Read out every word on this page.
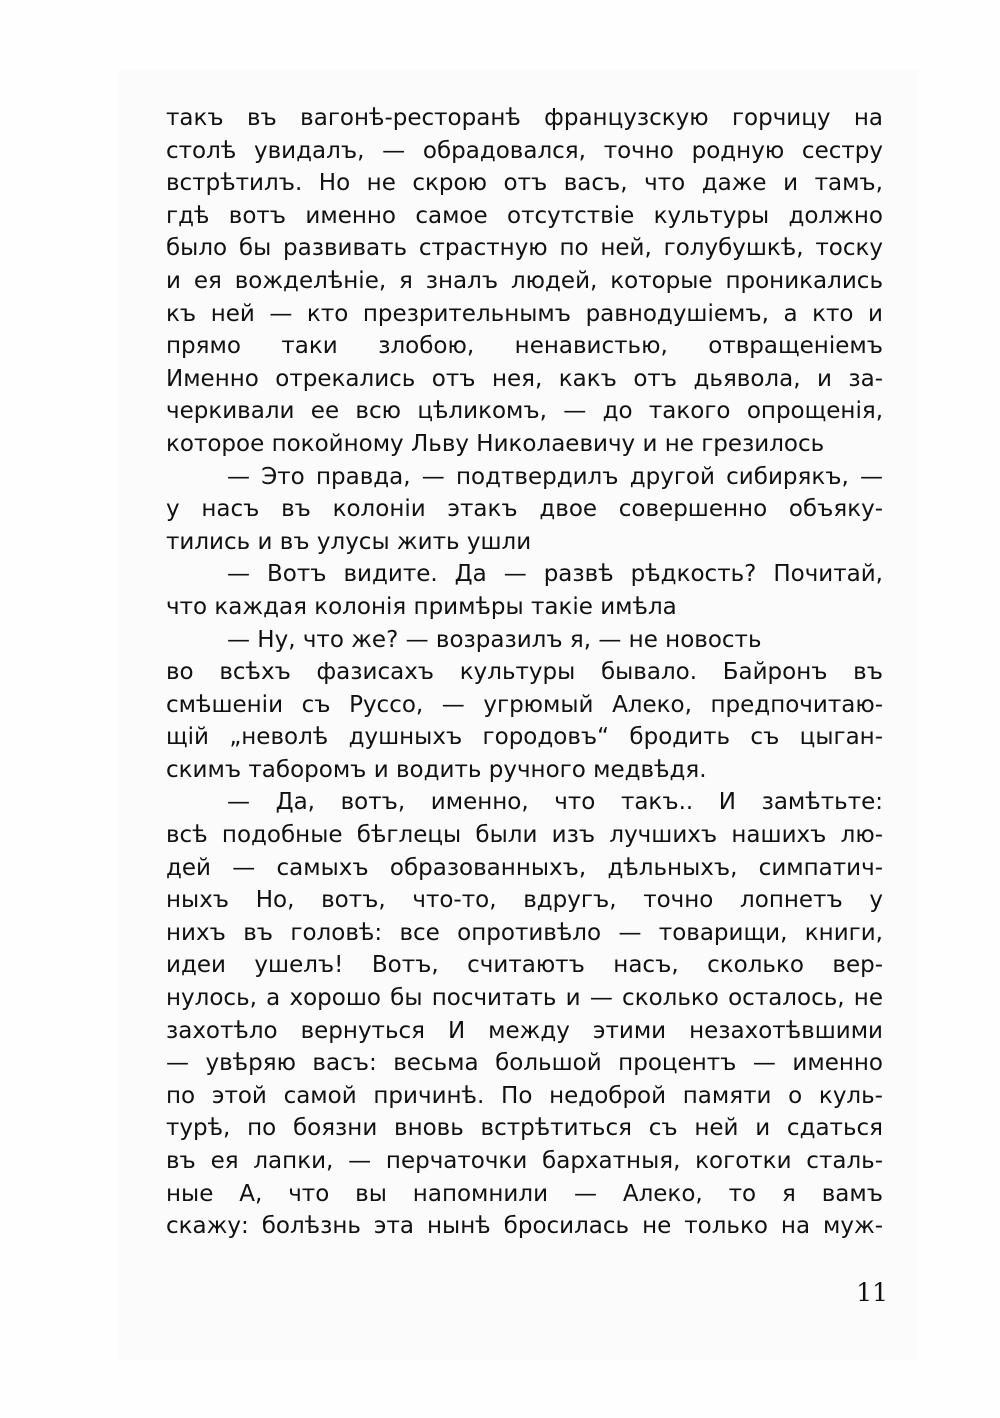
такъ въ вагонѣ-ресторанѣ французскую горчицу на
столѣ увидалъ, — обрадовался, точно родную сестру
встрѣтилъ. Но не скрою отъ васъ, что даже и тамъ,
гдѣ вотъ именно самое отсутствіе культуры должно
было бы развивать страстную по ней, голубушкѣ, тоску
и ея вожделѣніе, я зналъ людей, которые проникались
къ ней — кто презрительнымъ равнодушіемъ, а кто и
прямо таки злобою, ненавистью, отвращеніемъ
Именно отрекались отъ нея, какъ отъ дьявола, и за-
черкивали ее всю цѣликомъ, — до такого опрощенія,
которое покойному Льву Николаевичу и не грезилось
— Это правда, — подтвердилъ другой сибирякъ, —
у насъ въ колоніи этакъ двое совершенно объяку-
тились и въ улусы жить ушли
— Вотъ видите. Да — развѣ рѣдкость? Почитай,
что каждая колонія примѣры такіе имѣла
— Ну, что же? — возразилъ я, — не новость
во всѣхъ фазисахъ культуры бывало. Байронъ въ
смѣшеніи съ Руссо, — угрюмый Алеко, предпочитаю-
щій „неволѣ душныхъ городовъ“ бродить съ цыган-
скимъ таборомъ и водить ручного медвѣдя.
— Да, вотъ, именно, что такъ.. И замѣтьте:
всѣ подобные бѣглецы были изъ лучшихъ нашихъ лю-
дей — самыхъ образованныхъ, дѣльныхъ, симпатич-
ныхъ Но, вотъ, что-то, вдругъ, точно лопнетъ у
нихъ въ головѣ: все опротивѣло — товарищи, книги,
идеи ушелъ! Вотъ, считаютъ насъ, сколько вер-
нулось, а хорошо бы посчитать и — сколько осталось, не
захотѣло вернуться И между этими незахотѣвшими
— увѣряю васъ: весьма большой процентъ — именно
по этой самой причинѣ. По недоброй памяти о куль-
турѣ, по боязни вновь встрѣтиться съ ней и сдаться
въ ея лапки, — перчаточки бархатныя, коготки сталь-
ные А, что вы напомнили — Алеко, то я вамъ
скажу: болѣзнь эта нынѣ бросилась не только на муж-
11
